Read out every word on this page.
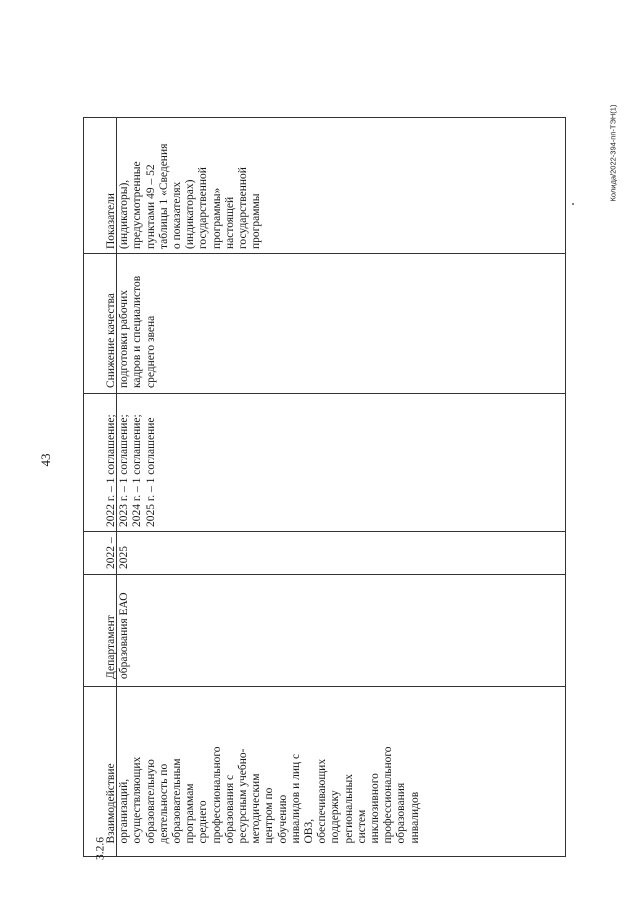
43
Колида/2022-394-пп-ТЭН(1)
3.2.6
Взаимодействие
организаций,
осуществляющих
образовательную
деятельность по
образовательным
программам
среднего
профессионального
образования с
ресурсным учебно-
методическим
центром по
обучению
инвалидов и лиц с
ОВЗ,
обеспечивающих
поддержку
региональных
систем
инклюзивного
профессионального
образования
инвалидов
Департамент
образования ЕАО
2022 –
2025
2022 г. – 1 соглашение;
2023 г. – 1 соглашение;
2024 г. – 1 соглашение;
2025 г. – 1 соглашение
Снижение качества
подготовки рабочих
кадров и специалистов
среднего звена
Показатели
(индикаторы),
предусмотренные
пунктами 49 – 52
таблицы 1 «Сведения
о показателях
(индикаторах)
государственной
программы»
настоящей
государственной
программы
